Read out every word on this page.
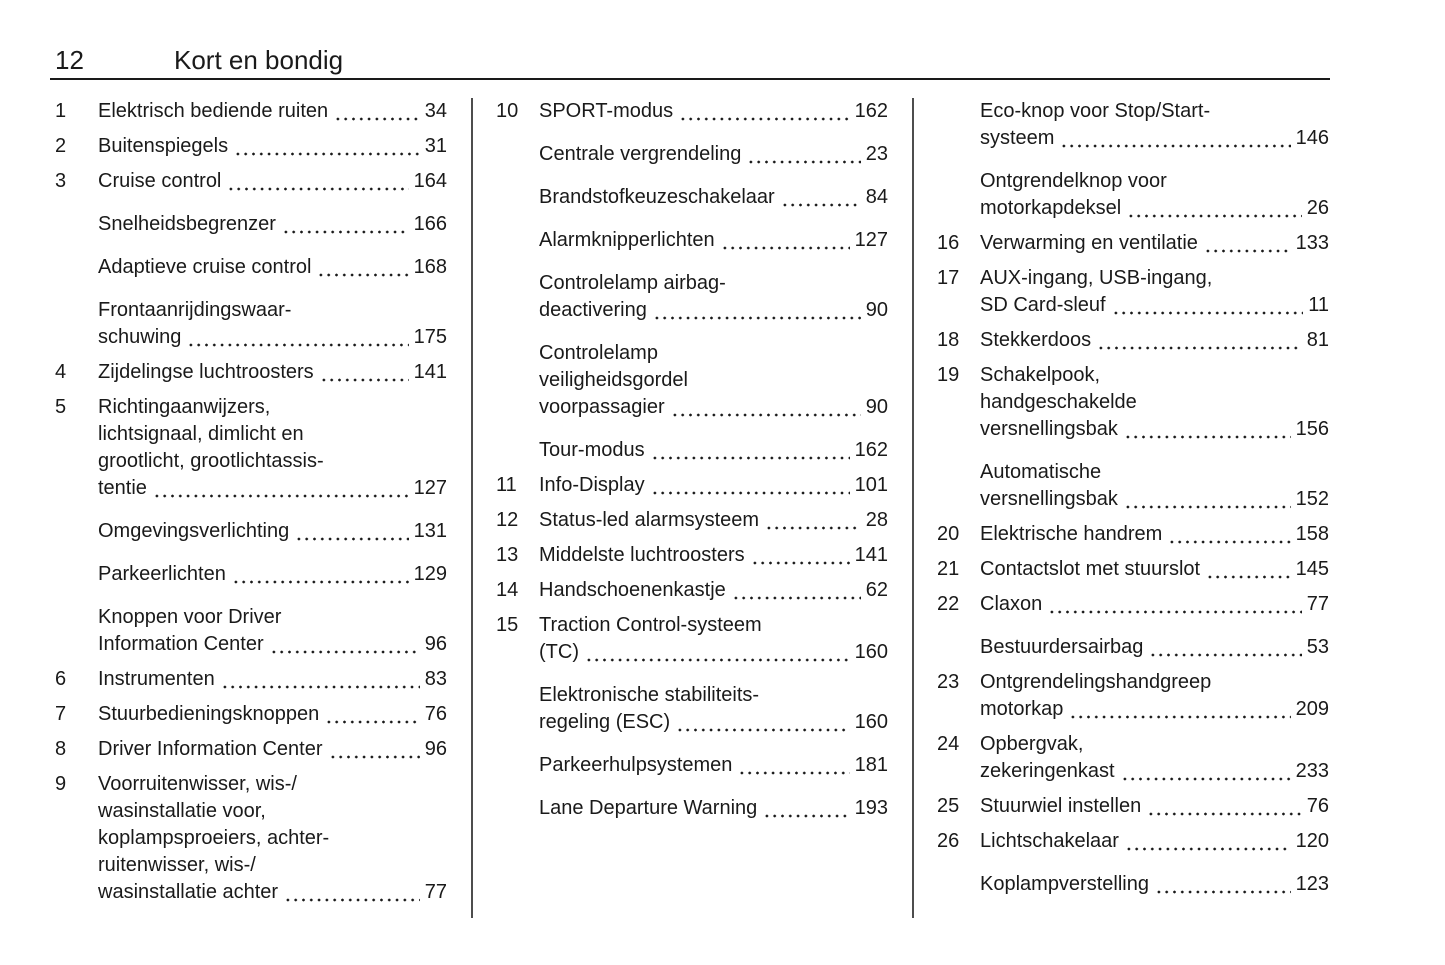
12	Kort en bondig
1	Elektrisch bediende ruiten	34
2	Buitenspiegels	31
3	Cruise control	164
Snelheidsbegrenzer	166
Adaptieve cruise control	168
Frontaanrijdingswaar-
schuwing	175
4	Zijdelingse luchtroosters	141
5	Richtingaanwijzers,
lichtsignaal, dimlicht en
grootlicht, grootlichtassis-
tentie	127
Omgevingsverlichting	131
Parkeerlichten	129
Knoppen voor Driver
Information Center	96
6	Instrumenten	83
7	Stuurbedieningsknoppen	76
8	Driver Information Center	96
9	Voorruitenwisser, wis-/
wasinstallatie voor,
koplampsproeiers, achter-
ruitenwisser, wis-/
wasinstallatie achter	77
10	SPORT-modus	162
Centrale vergrendeling	23
Brandstofkeuzeschakelaar	84
Alarmknipperlichten	127
Controlelamp airbag-
deactivering	90
Controlelamp
veiligheidsgordel
voorpassagier	90
Tour-modus	162
11	Info-Display	101
12	Status-led alarmsysteem	28
13	Middelste luchtroosters	141
14	Handschoenenkastje	62
15	Traction Control-systeem
(TC)	160
Elektronische stabiliteits-
regeling (ESC)	160
Parkeerhulpsystemen	181
Lane Departure Warning	193
Eco-knop voor Stop/Start-
systeem	146
Ontgrendelknop voor
motorkapdeksel	26
16	Verwarming en ventilatie	133
17	AUX-ingang, USB-ingang,
SD Card-sleuf	11
18	Stekkerdoos	81
19	Schakelpook,
handgeschakelde
versnellingsbak	156
Automatische
versnellingsbak	152
20	Elektrische handrem	158
21	Contactslot met stuurslot	145
22	Claxon	77
Bestuurdersairbag	53
23	Ontgrendelingshandgreep
motorkap	209
24	Opbergvak,
zekeringenkast	233
25	Stuurwiel instellen	76
26	Lichtschakelaar	120
Koplampverstelling	123
